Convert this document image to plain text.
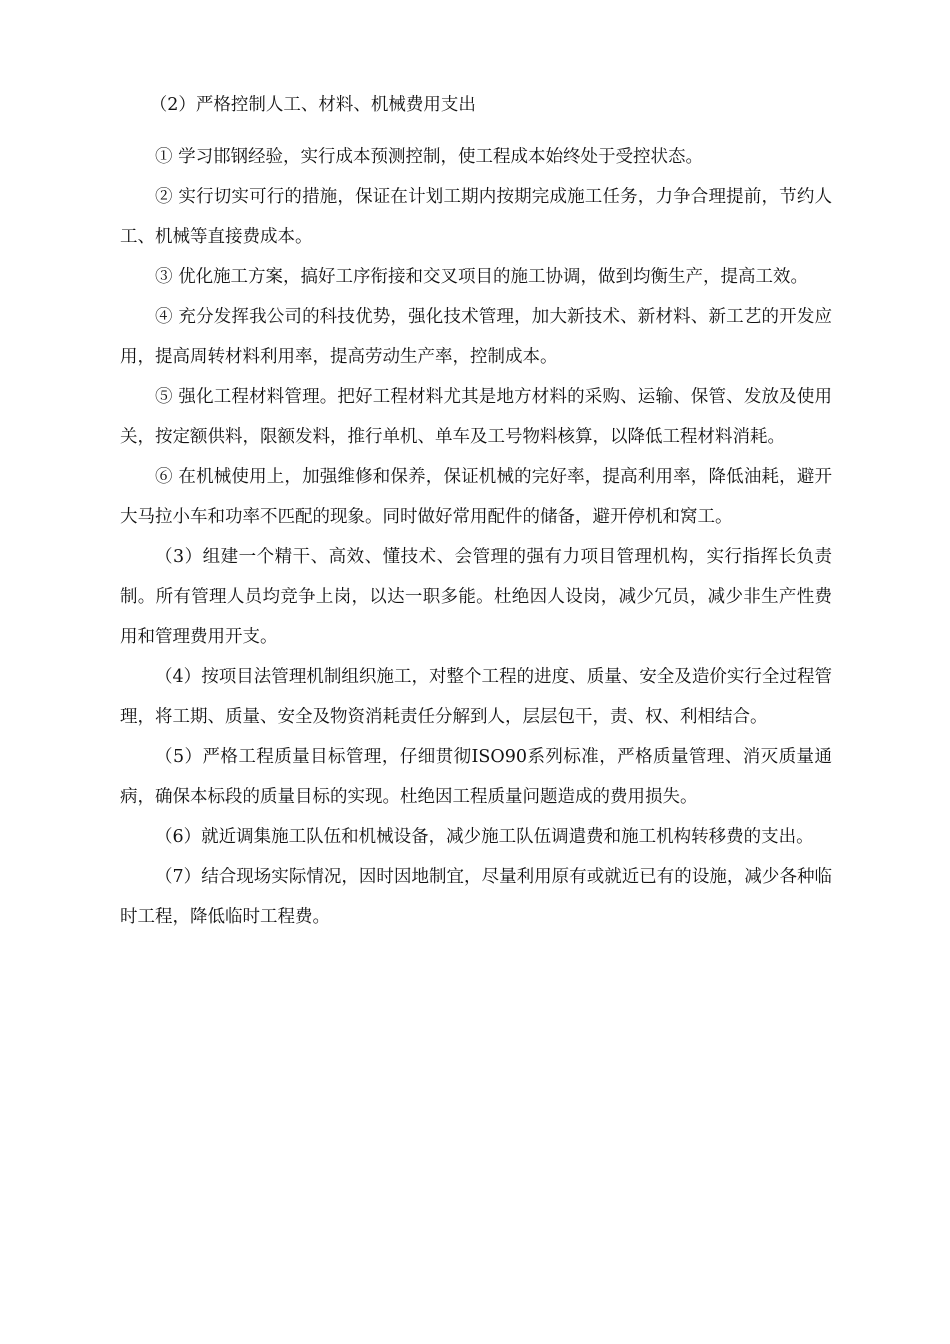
（2）严格控制人工、材料、机械费用支出

① 学习邯钢经验，实行成本预测控制，使工程成本始终处于受控状态。

② 实行切实可行的措施，保证在计划工期内按期完成施工任务，力争合理提前，节约人工、机械等直接费成本。

③ 优化施工方案，搞好工序衔接和交叉项目的施工协调，做到均衡生产，提高工效。

④ 充分发挥我公司的科技优势，强化技术管理，加大新技术、新材料、新工艺的开发应用，提高周转材料利用率，提高劳动生产率，控制成本。

⑤ 强化工程材料管理。把好工程材料尤其是地方材料的采购、运输、保管、发放及使用关，按定额供料，限额发料，推行单机、单车及工号物料核算，以降低工程材料消耗。

⑥ 在机械使用上，加强维修和保养，保证机械的完好率，提高利用率，降低油耗，避开大马拉小车和功率不匹配的现象。同时做好常用配件的储备，避开停机和窝工。

（3）组建一个精干、高效、懂技术、会管理的强有力项目管理机构，实行指挥长负责制。所有管理人员均竞争上岗，以达一职多能。杜绝因人设岗，减少冗员，减少非生产性费用和管理费用开支。

（4）按项目法管理机制组织施工，对整个工程的进度、质量、安全及造价实行全过程管理，将工期、质量、安全及物资消耗责任分解到人，层层包干，责、权、利相结合。

（5）严格工程质量目标管理，仔细贯彻ISO90系列标准，严格质量管理、消灭质量通病，确保本标段的质量目标的实现。杜绝因工程质量问题造成的费用损失。

（6）就近调集施工队伍和机械设备，减少施工队伍调遣费和施工机构转移费的支出。

（7）结合现场实际情况，因时因地制宜，尽量利用原有或就近已有的设施，减少各种临时工程，降低临时工程费。
